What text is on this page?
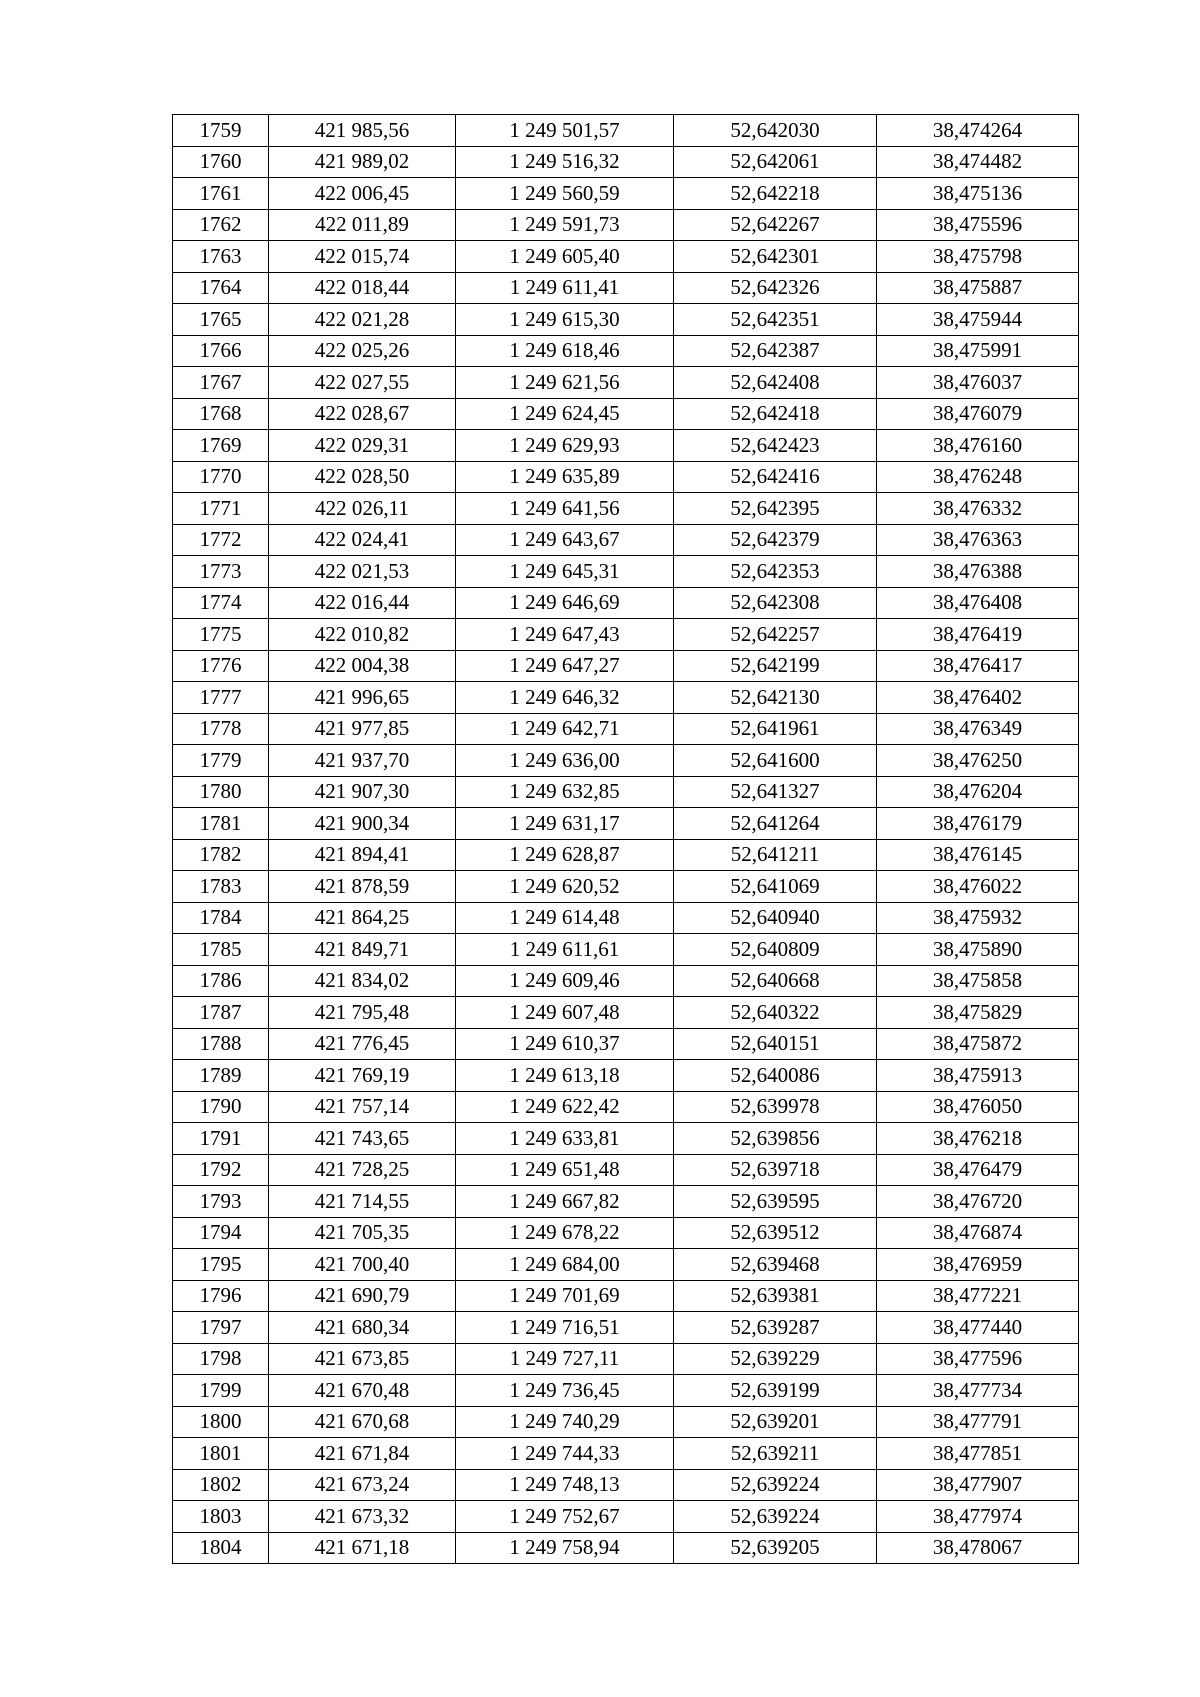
1759	421 985,56	1 249 501,57	52,642030	38,474264
1760	421 989,02	1 249 516,32	52,642061	38,474482
1761	422 006,45	1 249 560,59	52,642218	38,475136
1762	422 011,89	1 249 591,73	52,642267	38,475596
1763	422 015,74	1 249 605,40	52,642301	38,475798
1764	422 018,44	1 249 611,41	52,642326	38,475887
1765	422 021,28	1 249 615,30	52,642351	38,475944
1766	422 025,26	1 249 618,46	52,642387	38,475991
1767	422 027,55	1 249 621,56	52,642408	38,476037
1768	422 028,67	1 249 624,45	52,642418	38,476079
1769	422 029,31	1 249 629,93	52,642423	38,476160
1770	422 028,50	1 249 635,89	52,642416	38,476248
1771	422 026,11	1 249 641,56	52,642395	38,476332
1772	422 024,41	1 249 643,67	52,642379	38,476363
1773	422 021,53	1 249 645,31	52,642353	38,476388
1774	422 016,44	1 249 646,69	52,642308	38,476408
1775	422 010,82	1 249 647,43	52,642257	38,476419
1776	422 004,38	1 249 647,27	52,642199	38,476417
1777	421 996,65	1 249 646,32	52,642130	38,476402
1778	421 977,85	1 249 642,71	52,641961	38,476349
1779	421 937,70	1 249 636,00	52,641600	38,476250
1780	421 907,30	1 249 632,85	52,641327	38,476204
1781	421 900,34	1 249 631,17	52,641264	38,476179
1782	421 894,41	1 249 628,87	52,641211	38,476145
1783	421 878,59	1 249 620,52	52,641069	38,476022
1784	421 864,25	1 249 614,48	52,640940	38,475932
1785	421 849,71	1 249 611,61	52,640809	38,475890
1786	421 834,02	1 249 609,46	52,640668	38,475858
1787	421 795,48	1 249 607,48	52,640322	38,475829
1788	421 776,45	1 249 610,37	52,640151	38,475872
1789	421 769,19	1 249 613,18	52,640086	38,475913
1790	421 757,14	1 249 622,42	52,639978	38,476050
1791	421 743,65	1 249 633,81	52,639856	38,476218
1792	421 728,25	1 249 651,48	52,639718	38,476479
1793	421 714,55	1 249 667,82	52,639595	38,476720
1794	421 705,35	1 249 678,22	52,639512	38,476874
1795	421 700,40	1 249 684,00	52,639468	38,476959
1796	421 690,79	1 249 701,69	52,639381	38,477221
1797	421 680,34	1 249 716,51	52,639287	38,477440
1798	421 673,85	1 249 727,11	52,639229	38,477596
1799	421 670,48	1 249 736,45	52,639199	38,477734
1800	421 670,68	1 249 740,29	52,639201	38,477791
1801	421 671,84	1 249 744,33	52,639211	38,477851
1802	421 673,24	1 249 748,13	52,639224	38,477907
1803	421 673,32	1 249 752,67	52,639224	38,477974
1804	421 671,18	1 249 758,94	52,639205	38,478067
